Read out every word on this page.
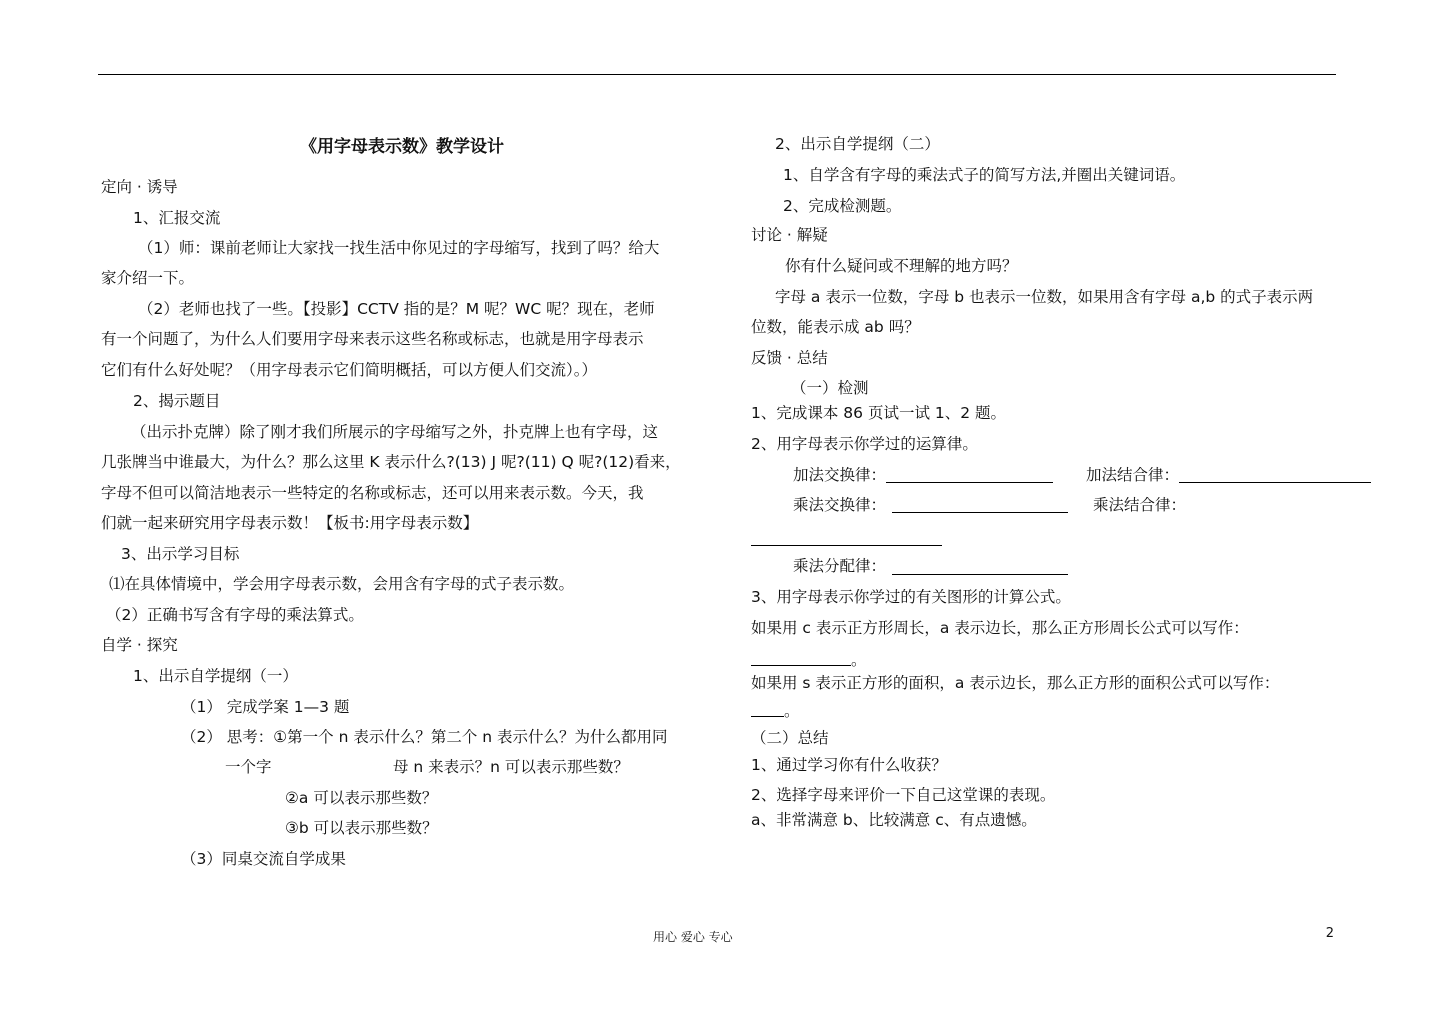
《用字母表示数》教学设计
定向 · 诱导
1、汇报交流
（1）师：课前老师让大家找一找生活中你见过的字母缩写，找到了吗？给大
家介绍一下。
（2）老师也找了一些。【投影】CCTV 指的是？M 呢？WC 呢？现在，老师
有一个问题了，为什么人们要用字母来表示这些名称或标志，也就是用字母表示
它们有什么好处呢？（用字母表示它们简明概括，可以方便人们交流）。）
2、揭示题目
（出示扑克牌）除了刚才我们所展示的字母缩写之外，扑克牌上也有字母，这
几张牌当中谁最大，为什么？那么这里 K 表示什么?(13) J 呢?(11) Q 呢?(12)看来，
字母不但可以简洁地表示一些特定的名称或标志，还可以用来表示数。今天，我
们就一起来研究用字母表示数！【板书:用字母表示数】
3、出示学习目标
⑴在具体情境中，学会用字母表示数，会用含有字母的式子表示数。
（2）正确书写含有字母的乘法算式。
自学 · 探究
1、出示自学提纲（一）
（1） 完成学案 1—3 题
（2） 思考：①第一个 n 表示什么？第二个 n 表示什么？为什么都用同
一个字	母 n 来表示？n 可以表示那些数？
②a 可以表示那些数？
③b 可以表示那些数？
（3）同桌交流自学成果
2、出示自学提纲（二）
1、自学含有字母的乘法式子的简写方法,并圈出关键词语。
2、完成检测题。
讨论 · 解疑
你有什么疑问或不理解的地方吗？
字母 a 表示一位数，字母 b 也表示一位数，如果用含有字母 a,b 的式子表示两
位数，能表示成 ab 吗？
反馈 · 总结
（一）检测
1、完成课本 86 页试一试 1、2 题。
2、用字母表示你学过的运算律。
加法交换律：	加法结合律：
乘法交换律：	乘法结合律：
乘法分配律：
3、用字母表示你学过的有关图形的计算公式。
如果用 c 表示正方形周长，a 表示边长，那么正方形周长公式可以写作：
。
如果用 s 表示正方形的面积，a 表示边长，那么正方形的面积公式可以写作：
。
（二）总结
1、通过学习你有什么收获？
2、选择字母来评价一下自己这堂课的表现。
a、非常满意 b、比较满意 c、有点遗憾。
用心 爱心 专心	2
